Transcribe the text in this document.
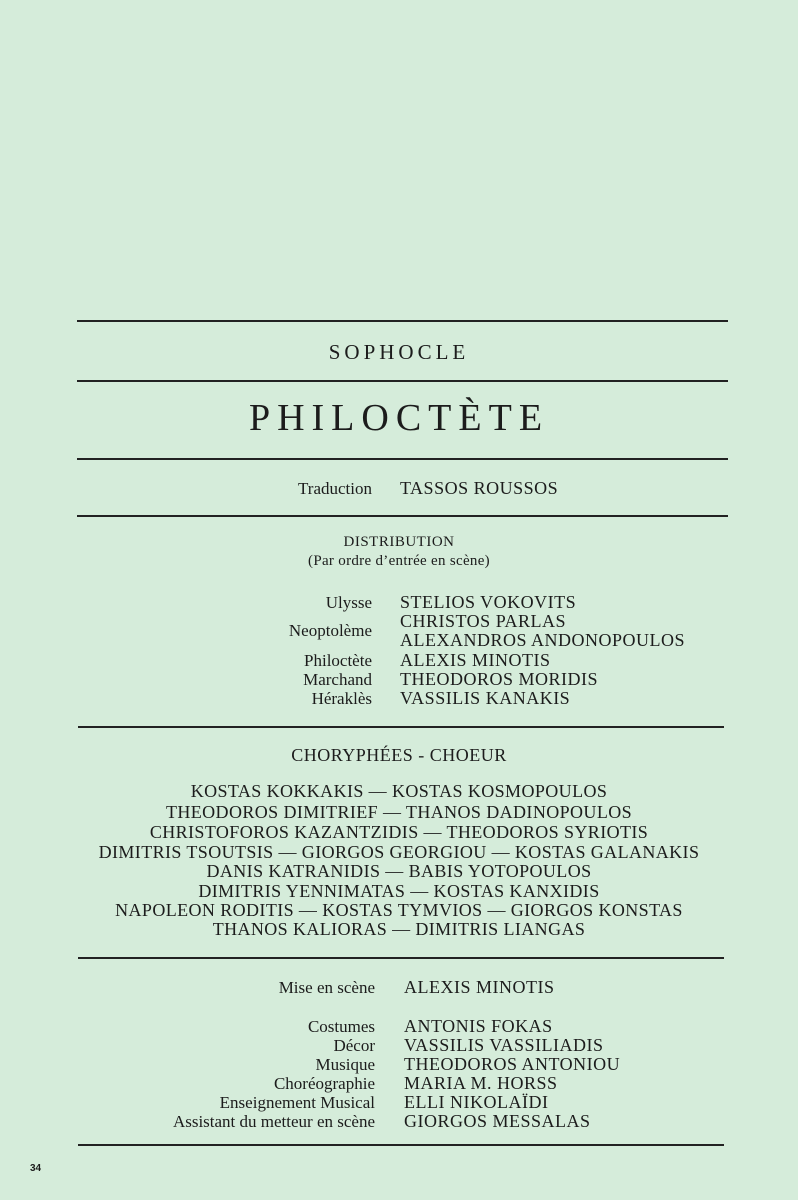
SOPHOCLE
PHILOCTÈTE
Traduction TASSOS ROUSSOS
DISTRIBUTION
(Par ordre d’entrée en scène)
Ulysse STELIOS VOKOVITS
Neoptolème CHRISTOS PARLAS
ALEXANDROS ANDONOPOULOS
Philoctète ALEXIS MINOTIS
Marchand THEODOROS MORIDIS
Héraklès VASSILIS KANAKIS
CHORYPHÉES - CHOEUR
KOSTAS KOKKAKIS — KOSTAS KOSMOPOULOS
THEODOROS DIMITRIEF — THANOS DADINOPOULOS
CHRISTOFOROS KAZANTZIDIS — THEODOROS SYRIOTIS
DIMITRIS TSOUTSIS — GIORGOS GEORGIOU — KOSTAS GALANAKIS
DANIS KATRANIDIS — BABIS YOTOPOULOS
DIMITRIS YENNIMATAS — KOSTAS KANXIDIS
NAPOLEON RODITIS — KOSTAS TYMVIOS — GIORGOS KONSTAS
THANOS KALIORAS — DIMITRIS LIANGAS
Mise en scène ALEXIS MINOTIS
Costumes ANTONIS FOKAS
Décor VASSILIS VASSILIADIS
Musique THEODOROS ANTONIOU
Choréographie MARIA M. HORSS
Enseignement Musical ELLI NIKOLAÏDI
Assistant du metteur en scène GIORGOS MESSALAS
34
